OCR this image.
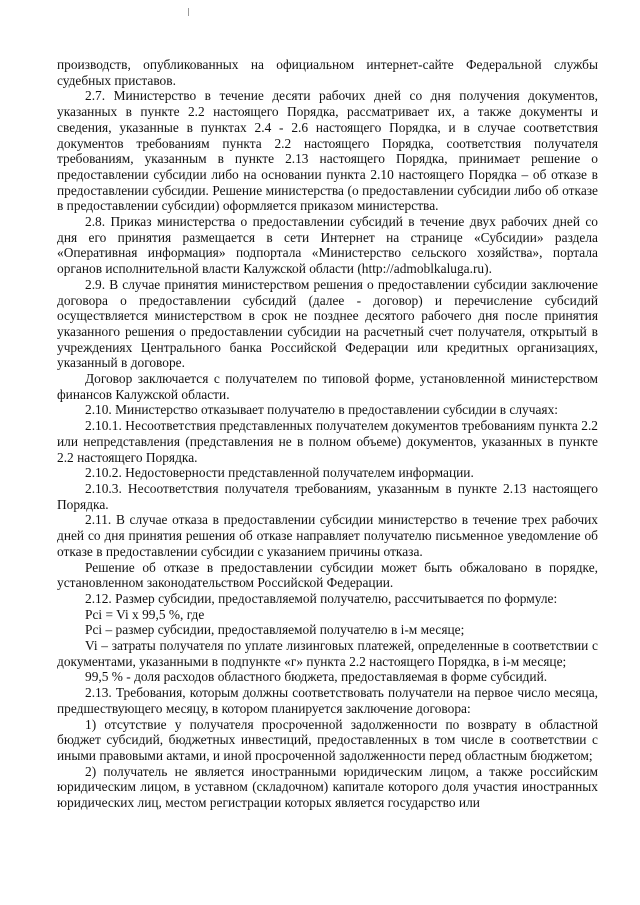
производств, опубликованных на официальном интернет-сайте Федеральной службы судебных приставов.

2.7. Министерство в течение десяти рабочих дней со дня получения документов, указанных в пункте 2.2 настоящего Порядка, рассматривает их, а также документы и сведения, указанные в пунктах 2.4 - 2.6 настоящего Порядка, и в случае соответствия документов требованиям пункта 2.2 настоящего Порядка, соответствия получателя требованиям, указанным в пункте 2.13 настоящего Порядка, принимает решение о предоставлении субсидии либо на основании пункта 2.10 настоящего Порядка – об отказе в предоставлении субсидии. Решение министерства (о предоставлении субсидии либо об отказе в предоставлении субсидии) оформляется приказом министерства.

2.8. Приказ министерства о предоставлении субсидий в течение двух рабочих дней со дня его принятия размещается в сети Интернет на странице «Субсидии» раздела «Оперативная информация» подпортала «Министерство сельского хозяйства», портала органов исполнительной власти Калужской области (http://admoblkaluga.ru).

2.9. В случае принятия министерством решения о предоставлении субсидии заключение договора о предоставлении субсидий (далее - договор) и перечисление субсидий осуществляется министерством в срок не позднее десятого рабочего дня после принятия указанного решения о предоставлении субсидии на расчетный счет получателя, открытый в учреждениях Центрального банка Российской Федерации или кредитных организациях, указанный в договоре.

Договор заключается с получателем по типовой форме, установленной министерством финансов Калужской области.

2.10. Министерство отказывает получателю в предоставлении субсидии в случаях:

2.10.1. Несоответствия представленных получателем документов требованиям пункта 2.2 или непредставления (представления не в полном объеме) документов, указанных в пункте 2.2 настоящего Порядка.

2.10.2. Недостоверности представленной получателем информации.

2.10.3. Несоответствия получателя требованиям, указанным в пункте 2.13 настоящего Порядка.

2.11. В случае отказа в предоставлении субсидии министерство в течение трех рабочих дней со дня принятия решения об отказе направляет получателю письменное уведомление об отказе в предоставлении субсидии с указанием причины отказа.

Решение об отказе в предоставлении субсидии может быть обжаловано в порядке, установленном законодательством Российской Федерации.

2.12. Размер субсидии, предоставляемой получателю, рассчитывается по формуле:

Pci = Vi x 99,5 %, где

Pci – размер субсидии, предоставляемой получателю в i-м месяце;

Vi – затраты получателя по уплате лизинговых платежей, определенные в соответствии с документами, указанными в подпункте «г» пункта 2.2 настоящего Порядка, в i-м месяце;

99,5 % - доля расходов областного бюджета, предоставляемая в форме субсидий.

2.13. Требования, которым должны соответствовать получатели на первое число месяца, предшествующего месяцу, в котором планируется заключение договора:

1) отсутствие у получателя просроченной задолженности по возврату в областной бюджет субсидий, бюджетных инвестиций, предоставленных в том числе в соответствии с иными правовыми актами, и иной просроченной задолженности перед областным бюджетом;

2) получатель не является иностранными юридическим лицом, а также российским юридическим лицом, в уставном (складочном) капитале которого доля участия иностранных юридических лиц, местом регистрации которых является государство или
